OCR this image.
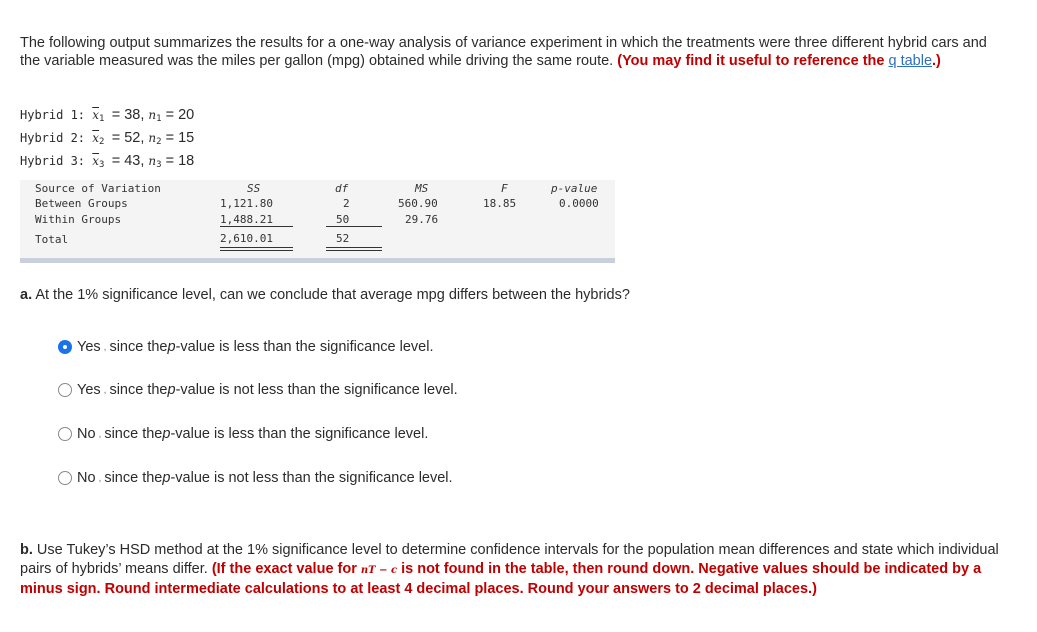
The following output summarizes the results for a one-way analysis of variance experiment in which the treatments were three different hybrid cars and the variable measured was the miles per gallon (mpg) obtained while driving the same route. (You may find it useful to reference the q table.)
Hybrid 1: $\overline{x}_1 = 38$, $n_1 = 20$
Hybrid 2: $\overline{x}_2 = 52$, $n_2 = 15$
Hybrid 3: $\overline{x}_3 = 43$, $n_3 = 18$
Source of Variation	SS	df	MS	F	p-value
Between Groups	1,121.80	2	560.90	18.85	0.0000
Within Groups	1,488.21	50	29.76
Total	2,610.01	52
a. At the 1% significance level, can we conclude that average mpg differs between the hybrids?
Yes , since the p -value is less than the significance level.
Yes , since the p -value is not less than the significance level.
No , since the p -value is less than the significance level.
No , since the p -value is not less than the significance level.
b. Use Tukey’s HSD method at the 1% significance level to determine confidence intervals for the population mean differences and state which individual pairs of hybrids’ means differ. (If the exact value for nT − c is not found in the table, then round down. Negative values should be indicated by a minus sign. Round intermediate calculations to at least 4 decimal places. Round your answers to 2 decimal places.)
